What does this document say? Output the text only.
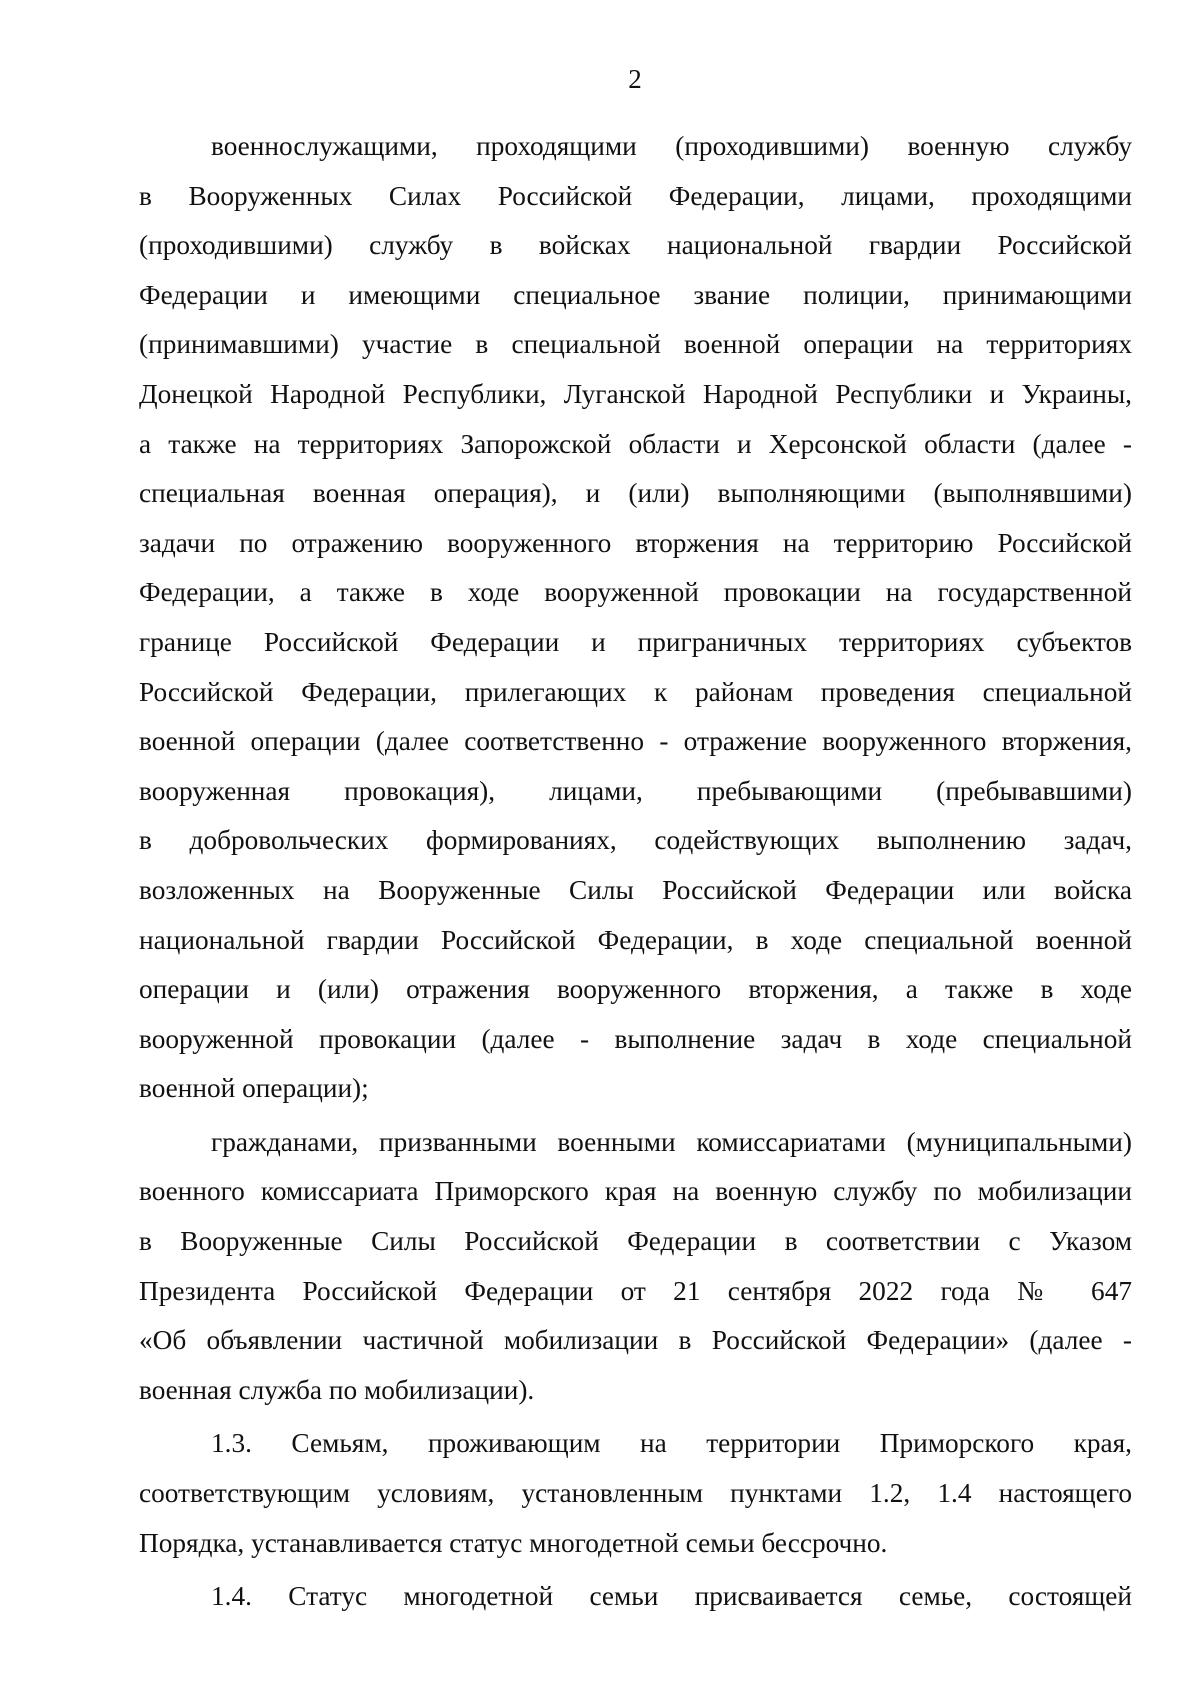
2
военнослужащими, проходящими (проходившими) военную службу
в Вооруженных Силах Российской Федерации, лицами, проходящими
(проходившими) службу в войсках национальной гвардии Российской
Федерации и имеющими специальное звание полиции, принимающими
(принимавшими) участие в специальной военной операции на территориях
Донецкой Народной Республики, Луганской Народной Республики и Украины,
а также на территориях Запорожской области и Херсонской области (далее -
специальная военная операция), и (или) выполняющими (выполнявшими)
задачи по отражению вооруженного вторжения на территорию Российской
Федерации, а также в ходе вооруженной провокации на государственной
границе Российской Федерации и приграничных территориях субъектов
Российской Федерации, прилегающих к районам проведения специальной
военной операции (далее соответственно - отражение вооруженного вторжения,
вооруженная провокация), лицами, пребывающими (пребывавшими)
в добровольческих формированиях, содействующих выполнению задач,
возложенных на Вооруженные Силы Российской Федерации или войска
национальной гвардии Российской Федерации, в ходе специальной военной
операции и (или) отражения вооруженного вторжения, а также в ходе
вооруженной провокации (далее - выполнение задач в ходе специальной
военной операции);
гражданами, призванными военными комиссариатами (муниципальными)
военного комиссариата Приморского края на военную службу по мобилизации
в Вооруженные Силы Российской Федерации в соответствии с Указом
Президента Российской Федерации от 21 сентября 2022 года № 647
«Об объявлении частичной мобилизации в Российской Федерации» (далее -
военная служба по мобилизации).
1.3. Семьям, проживающим на территории Приморского края,
соответствующим условиям, установленным пунктами 1.2, 1.4 настоящего
Порядка, устанавливается статус многодетной семьи бессрочно.
1.4. Статус многодетной семьи присваивается семье, состоящей
